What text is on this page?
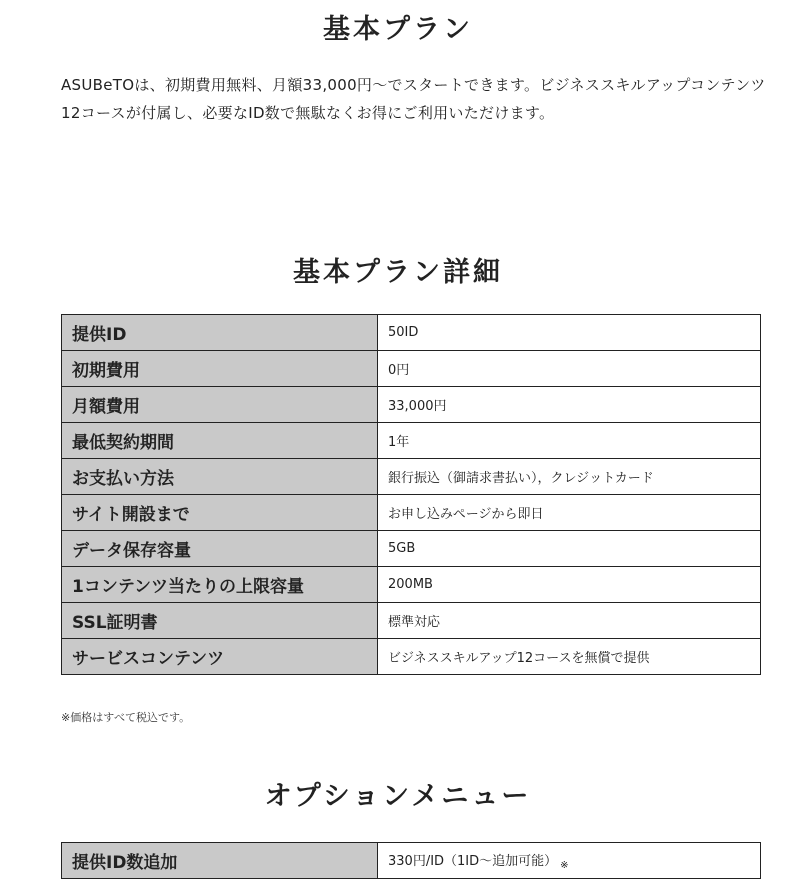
基本プラン

ASUBeTOは、初期費用無料、月額33,000円〜でスタートできます。ビジネススキルアップコンテンツ12コースが付属し、必要なID数で無駄なくお得にご利用いただけます。

基本プラン詳細
提供ID	50ID
初期費用	0円
月額費用	33,000円
最低契約期間	1年
お支払い方法	銀行振込（御請求書払い），クレジットカード
サイト開設まで	お申し込みページから即日
データ保存容量	5GB
1コンテンツ当たりの上限容量	200MB
SSL証明書	標準対応
サービスコンテンツ	ビジネススキルアップ12コースを無償で提供

※価格はすべて税込です。

オプションメニュー
提供ID数追加	330円/ID（1ID〜追加可能） $_※$
